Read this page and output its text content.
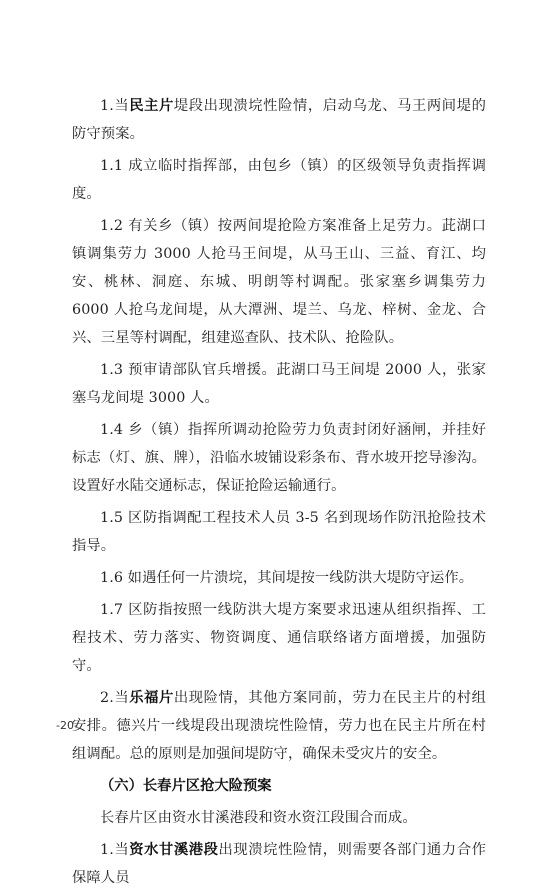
1.当民主片堤段出现溃垸性险情，启动乌龙、马王两间堤的防守预案。

1.1 成立临时指挥部，由包乡（镇）的区级领导负责指挥调度。

1.2 有关乡（镇）按两间堤抢险方案准备上足劳力。茈湖口镇调集劳力 3000 人抢马王间堤，从马王山、三益、育江、均安、桃林、洞庭、东城、明朗等村调配。张家塞乡调集劳力 6000 人抢乌龙间堤，从大潭洲、堤兰、乌龙、梓树、金龙、合兴、三星等村调配，组建巡查队、技术队、抢险队。

1.3 预审请部队官兵增援。茈湖口马王间堤 2000 人，张家塞乌龙间堤 3000 人。

1.4 乡（镇）指挥所调动抢险劳力负责封闭好涵闸，并挂好标志（灯、旗、牌），沿临水坡铺设彩条布、背水坡开挖导渗沟。设置好水陆交通标志，保证抢险运输通行。

1.5 区防指调配工程技术人员 3-5 名到现场作防汛抢险技术指导。

1.6 如遇任何一片溃垸，其间堤按一线防洪大堤防守运作。

1.7 区防指按照一线防洪大堤方案要求迅速从组织指挥、工程技术、劳力落实、物资调度、通信联络诸方面增援，加强防守。

2.当乐福片出现险情，其他方案同前，劳力在民主片的村组安排。德兴片一线堤段出现溃垸性险情，劳力也在民主片所在村组调配。总的原则是加强间堤防守，确保未受灾片的安全。

（六）长春片区抢大险预案

长春片区由资水甘溪港段和资水资江段围合而成。

1.当资水甘溪港段出现溃垸性险情，则需要各部门通力合作保障人员

-20-
